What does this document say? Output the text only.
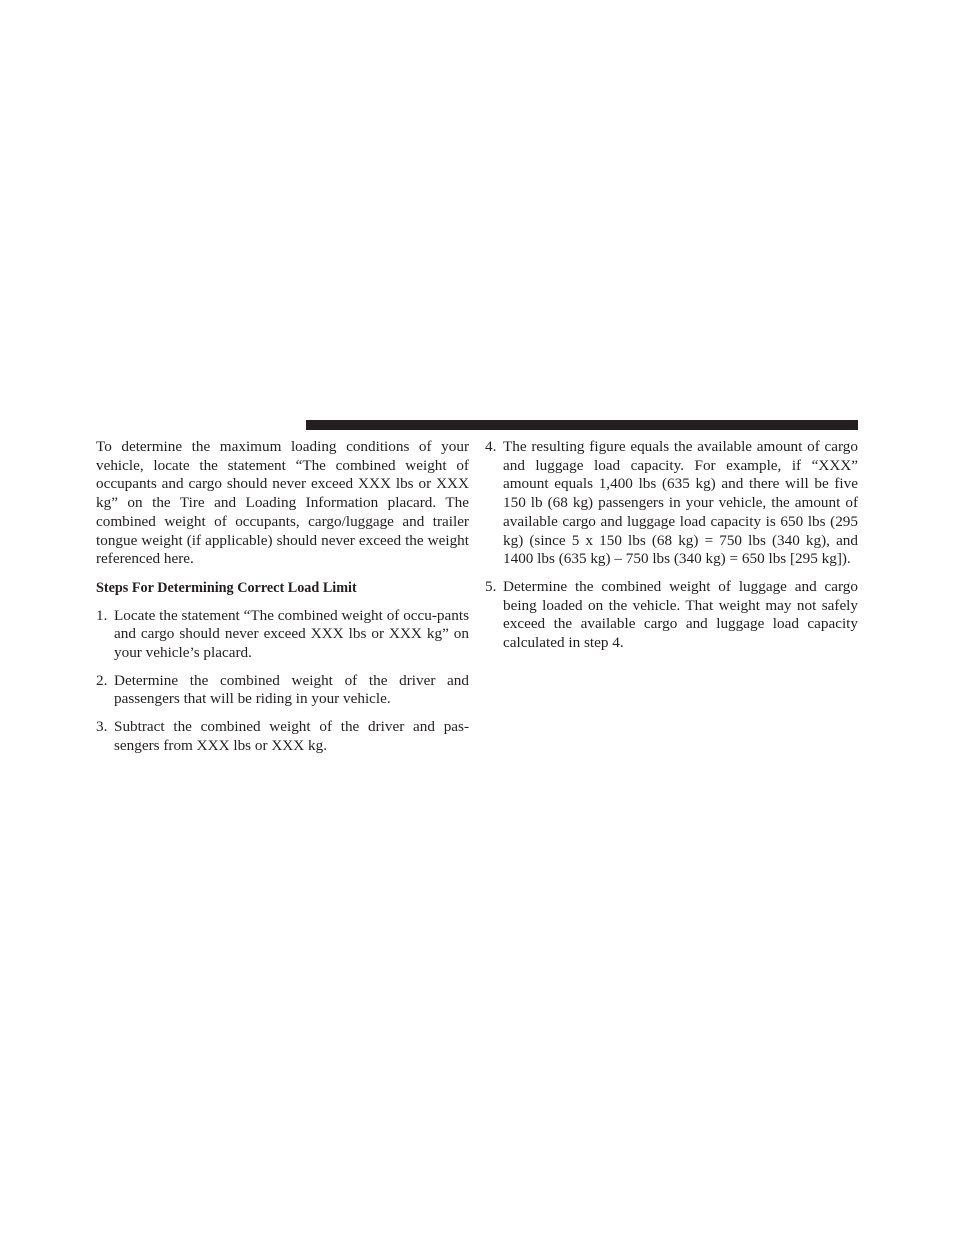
To determine the maximum loading conditions of your vehicle, locate the statement “The combined weight of occupants and cargo should never exceed XXX lbs or XXX kg” on the Tire and Loading Information placard. The combined weight of occupants, cargo/luggage and trailer tongue weight (if applicable) should never exceed the weight referenced here.

Steps For Determining Correct Load Limit

1. Locate the statement “The combined weight of occu-pants and cargo should never exceed XXX lbs or XXX kg” on your vehicle’s placard.
2. Determine the combined weight of the driver and passengers that will be riding in your vehicle.
3. Subtract the combined weight of the driver and pas-sengers from XXX lbs or XXX kg.
4. The resulting figure equals the available amount of cargo and luggage load capacity. For example, if “XXX” amount equals 1,400 lbs (635 kg) and there will be five 150 lb (68 kg) passengers in your vehicle, the amount of available cargo and luggage load capacity is 650 lbs (295 kg) (since 5 x 150 lbs (68 kg) = 750 lbs (340 kg), and 1400 lbs (635 kg) – 750 lbs (340 kg) = 650 lbs [295 kg]).
5. Determine the combined weight of luggage and cargo being loaded on the vehicle. That weight may not safely exceed the available cargo and luggage load capacity calculated in step 4.
